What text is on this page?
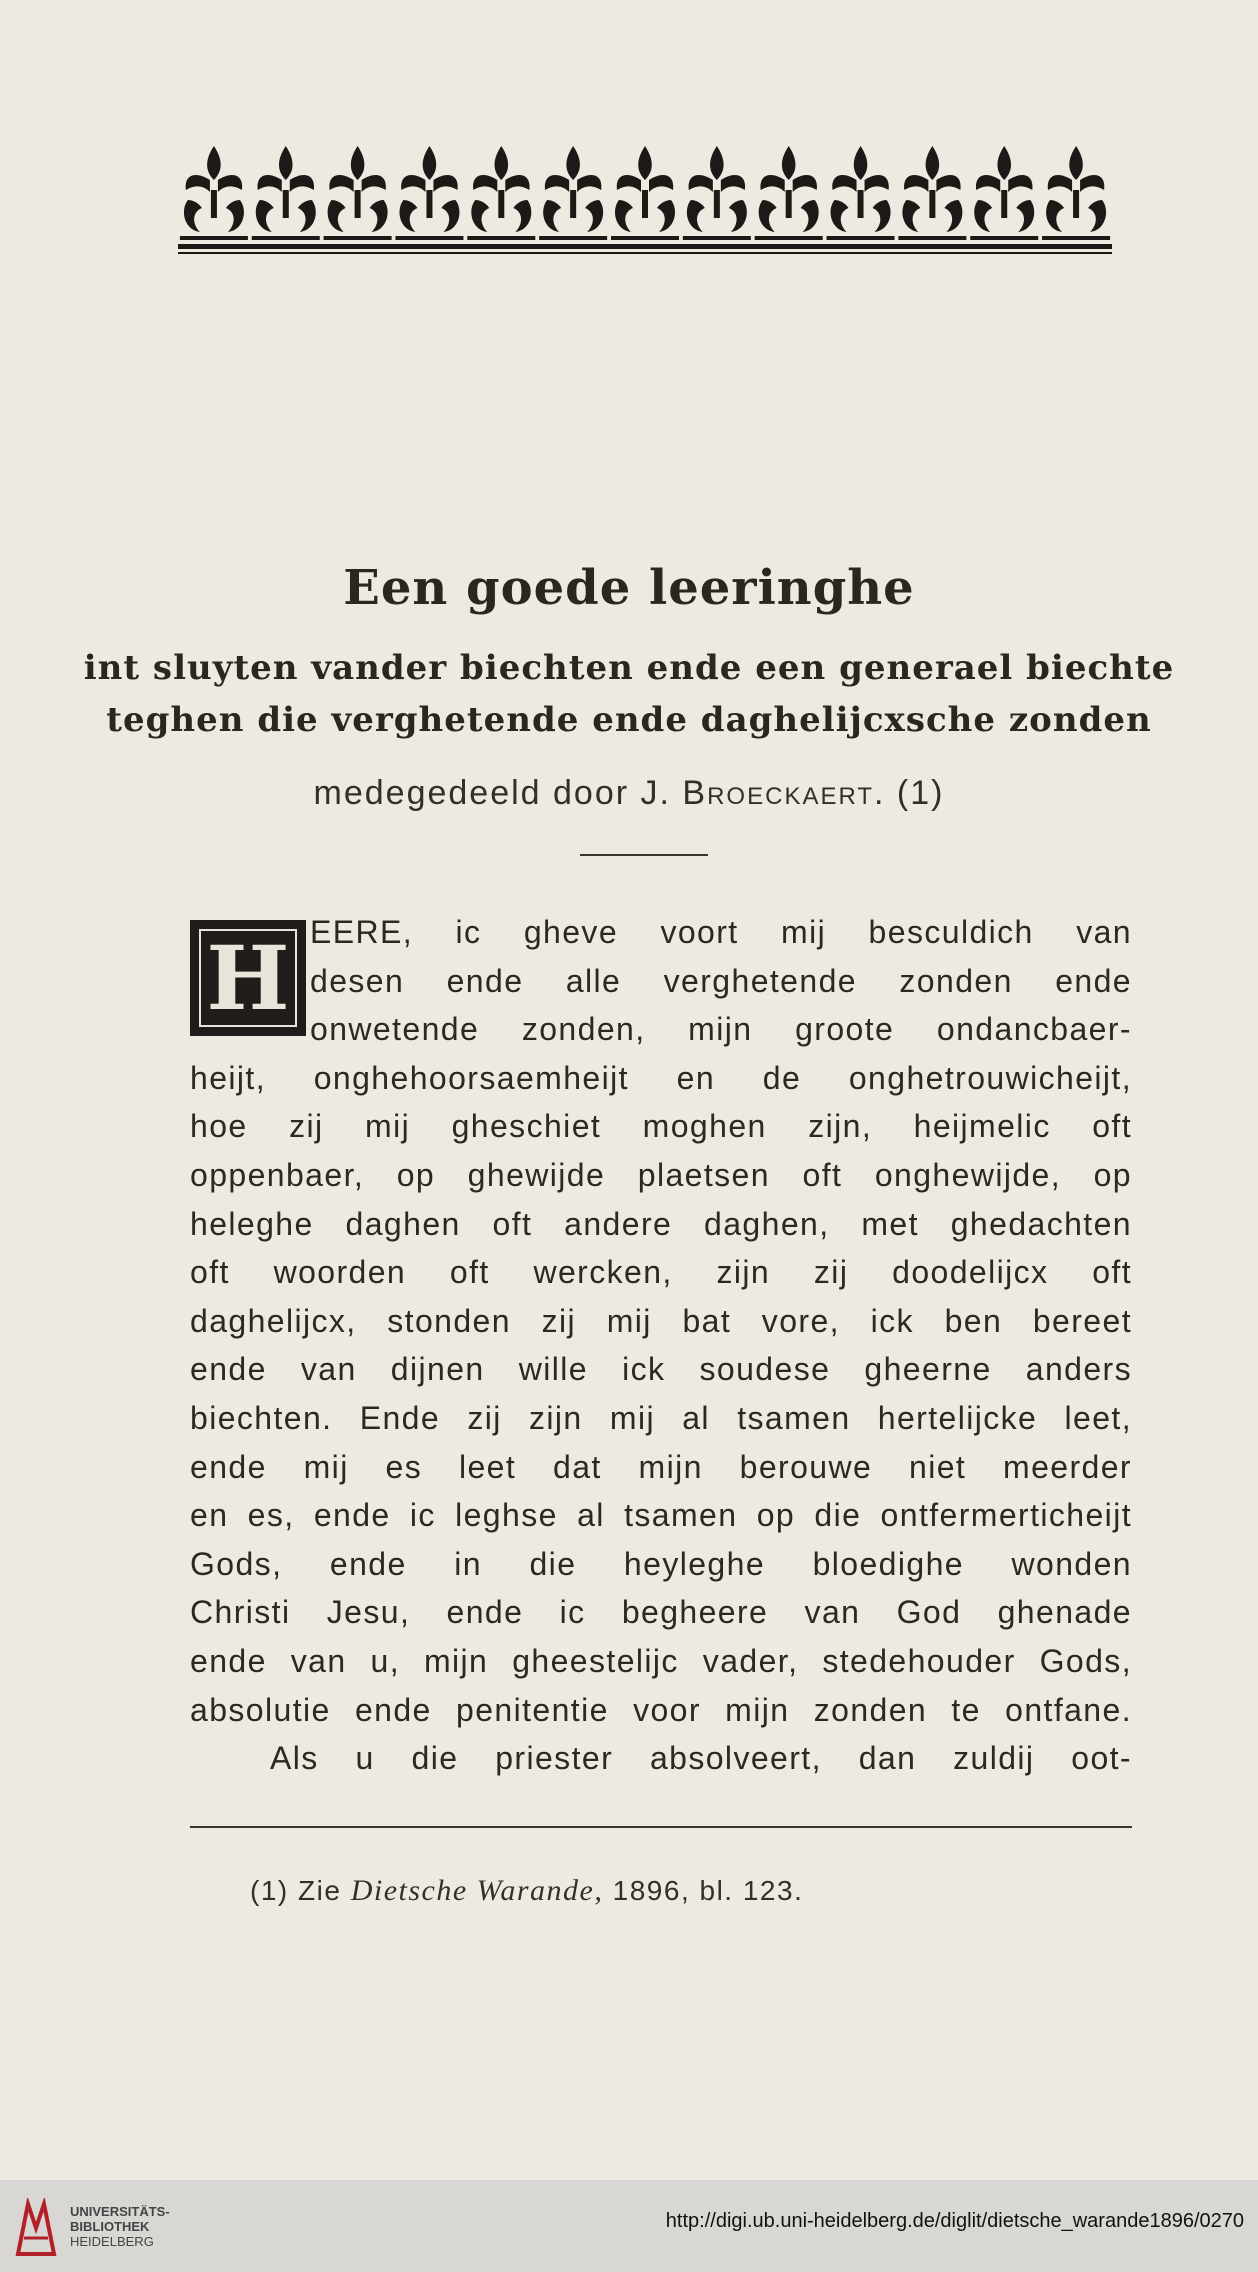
Een goede leeringhe
int sluyten vander biechten ende een generael biechte
teghen die verghetende ende daghelijcxsche zonden
medegedeeld door J. Broeckaert. (1)
H EERE, ic gheve voort mij besculdich van
desen ende alle verghetende zonden ende
onwetende zonden, mijn groote ondancbaer-
heijt, onghehoorsaemheijt en de onghetrouwicheijt,
hoe zij mij gheschiet moghen zijn, heijmelic oft
oppenbaer, op ghewijde plaetsen oft onghewijde, op
heleghe daghen oft andere daghen, met ghedachten
oft woorden oft wercken, zijn zij doodelijcx oft
daghelijcx, stonden zij mij bat vore, ick ben bereet
ende van dijnen wille ick soudese gheerne anders
biechten. Ende zij zijn mij al tsamen hertelijcke leet,
ende mij es leet dat mijn berouwe niet meerder
en es, ende ic leghse al tsamen op die ontfermerticheijt
Gods, ende in die heyleghe bloedighe wonden
Christi Jesu, ende ic begheere van God ghenade
ende van u, mijn gheestelijc vader, stedehouder Gods,
absolutie ende penitentie voor mijn zonden te ontfane.
Als u die priester absolveert, dan zuldij oot-
(1) Zie Dietsche Warande, 1896, bl. 123.
UNIVERSITÄTS-
BIBLIOTHEK
HEIDELBERG
http://digi.ub.uni-heidelberg.de/diglit/dietsche_warande1896/0270
